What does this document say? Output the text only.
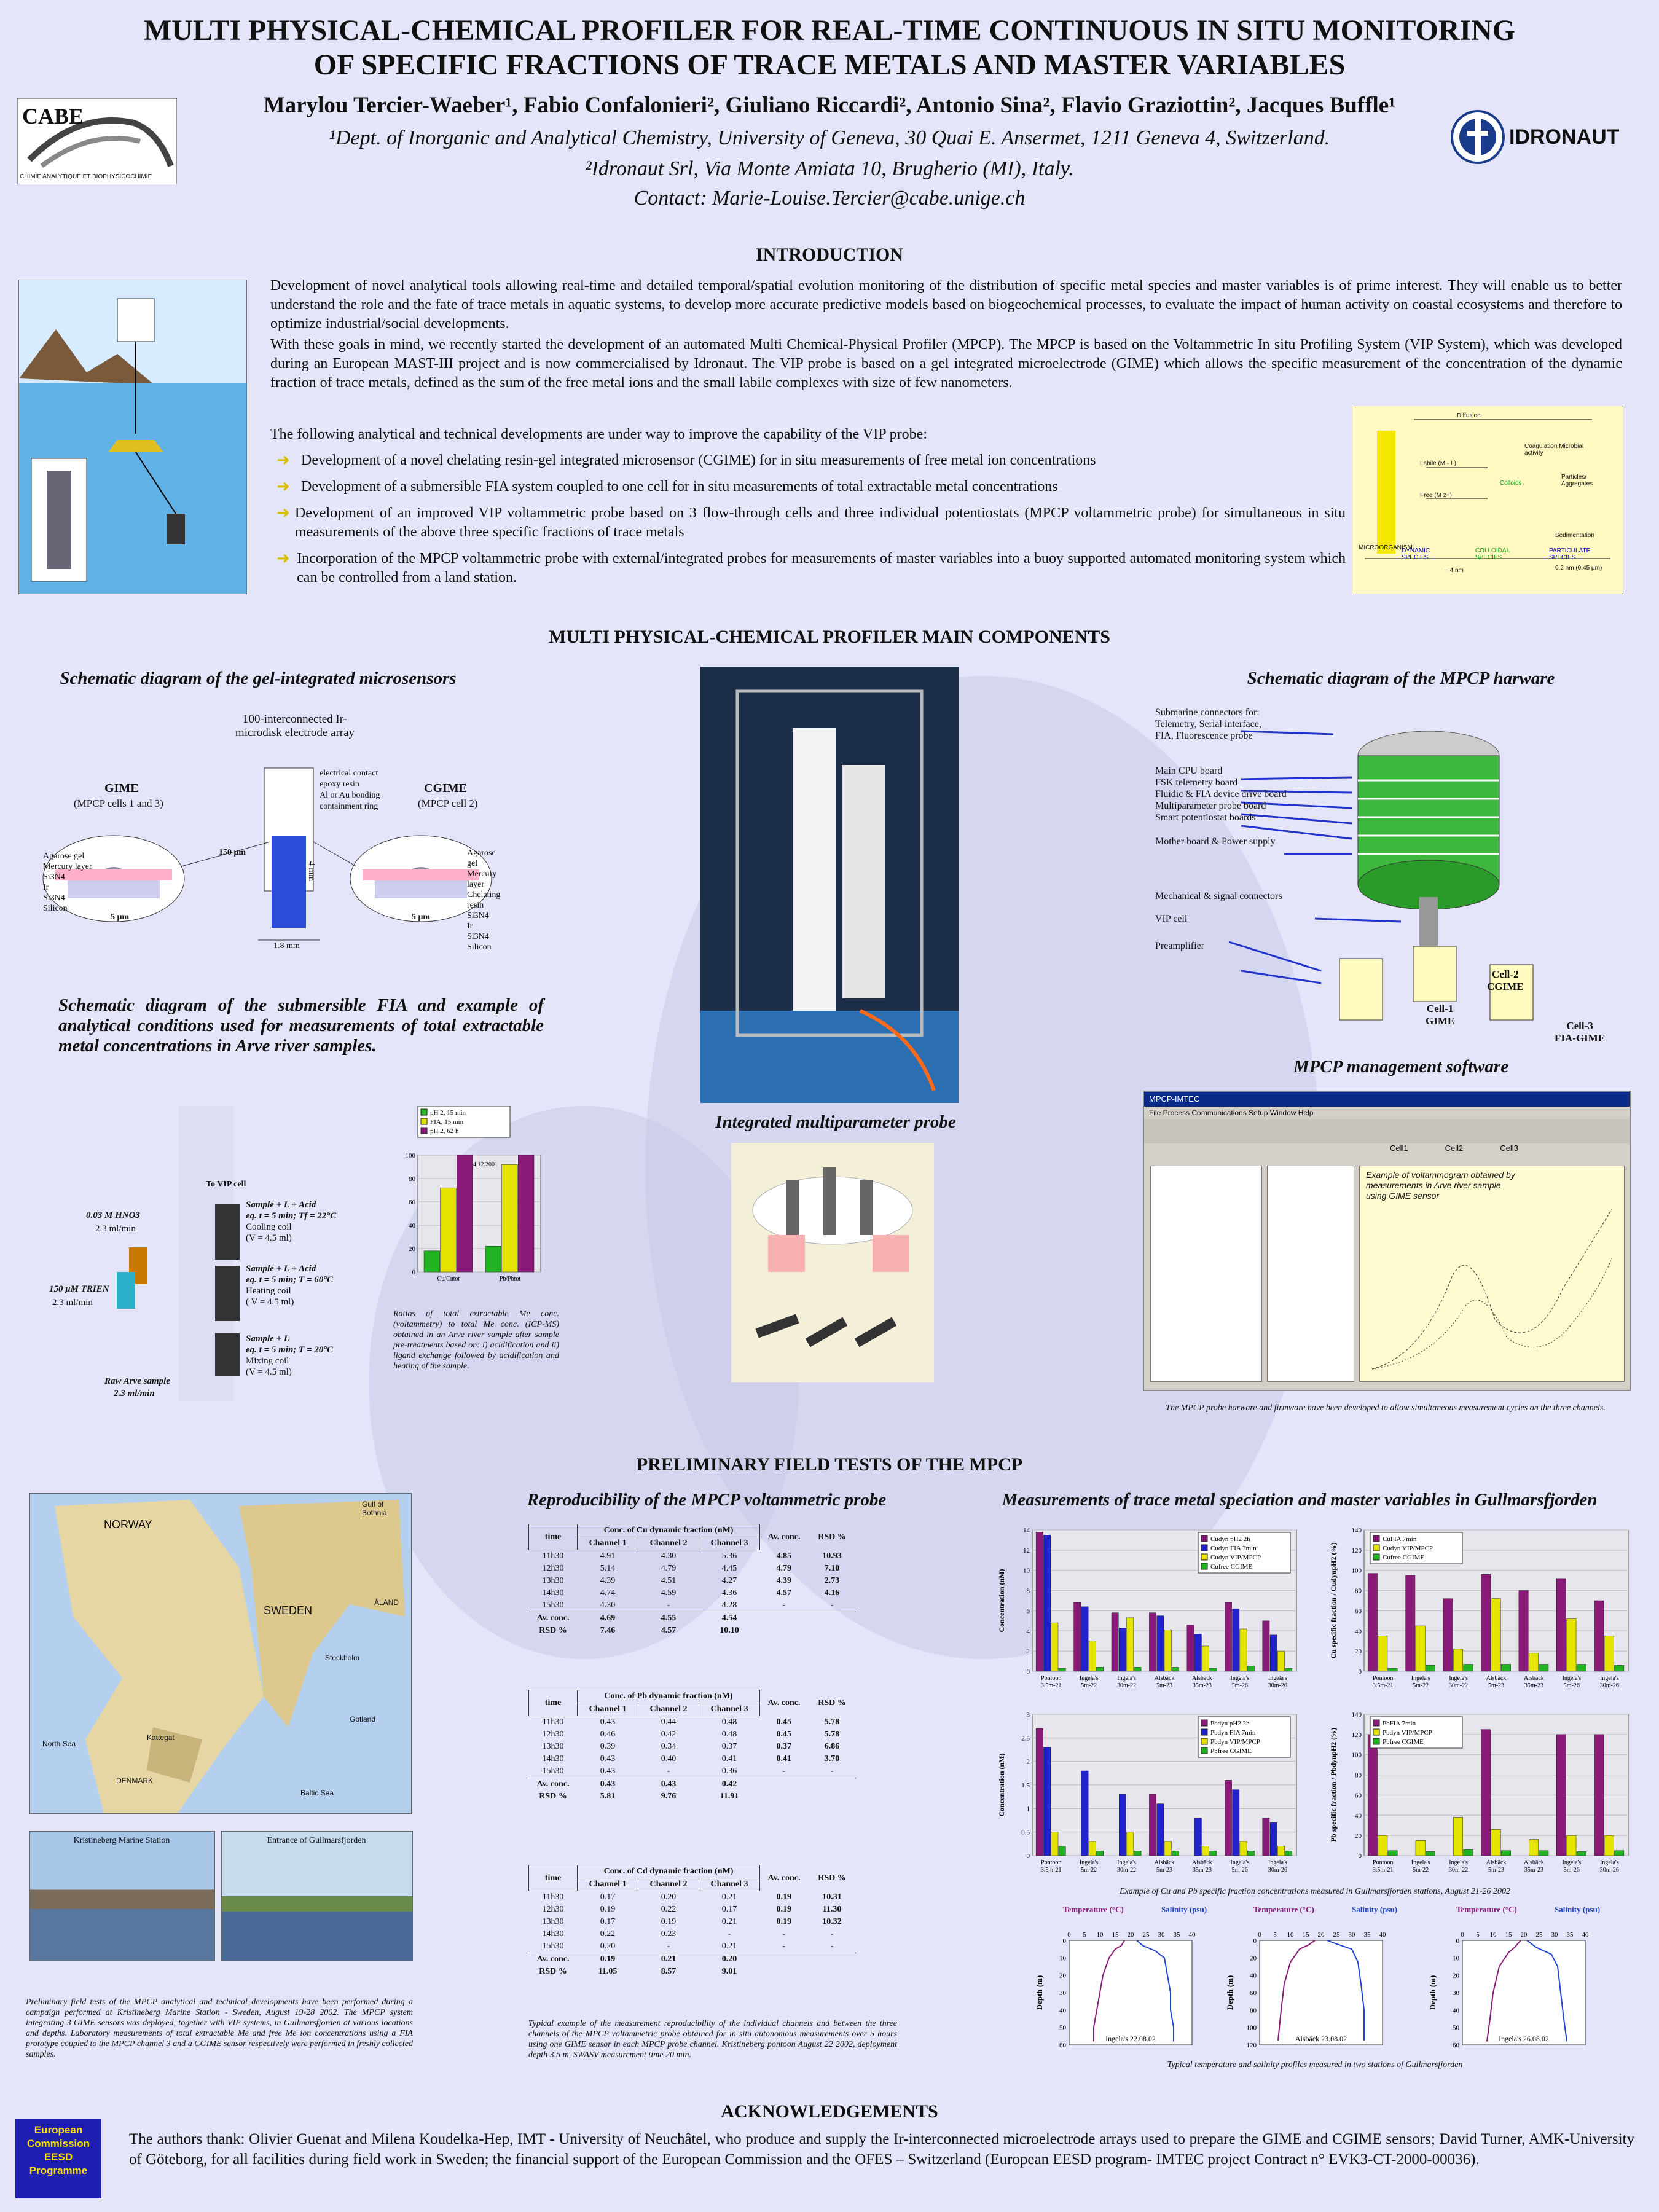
MULTI PHYSICAL-CHEMICAL PROFILER FOR REAL-TIME CONTINUOUS IN SITU MONITORING
OF SPECIFIC FRACTIONS OF TRACE METALS AND MASTER VARIABLES
CABE
CHIMIE ANALYTIQUE ET BIOPHYSICOCHIMIE
IDRONAUT
Marylou Tercier-Waeber¹, Fabio Confalonieri², Giuliano Riccardi², Antonio Sina², Flavio Graziottin², Jacques Buffle¹
¹Dept. of Inorganic and Analytical Chemistry, University of Geneva, 30 Quai E. Ansermet, 1211 Geneva 4, Switzerland.
²Idronaut Srl, Via Monte Amiata 10, Brugherio (MI), Italy.
Contact: Marie-Louise.Tercier@cabe.unige.ch
INTRODUCTION
Development of novel analytical tools allowing real-time and detailed temporal/spatial evolution monitoring of the distribution of specific metal species and master variables is of prime interest. They will enable us to better understand the role and the fate of trace metals in aquatic systems, to develop more accurate predictive models based on biogeochemical processes, to evaluate the impact of human activity on coastal ecosystems and therefore to optimize industrial/social developments.
With these goals in mind, we recently started the development of an automated Multi Chemical-Physical Profiler (MPCP). The MPCP is based on the Voltammetric In situ Profiling System (VIP System), which was developed during an European MAST-III project and is now commercialised by Idronaut. The VIP probe is based on a gel integrated microelectrode (GIME) which allows the specific measurement of the concentration of the dynamic fraction of trace metals, defined as the sum of the free metal ions and the small labile complexes with size of few nanometers.
The following analytical and technical developments are under way to improve the capability of the VIP probe:
➜ Development of a novel chelating resin-gel integrated microsensor (CGIME) for in situ measurements of free metal ion concentrations
➜ Development of a submersible FIA system coupled to one cell for in situ measurements of total extractable metal concentrations
➜ Development of an improved VIP voltammetric probe based on 3 flow-through cells and three individual potentiostats (MPCP voltammetric probe) for simultaneous in situ measurements of the above three specific fractions of trace metals
➜ Incorporation of the MPCP voltammetric probe with external/integrated probes for measurements of master variables into a buoy supported automated monitoring system which can be controlled from a land station.
Diffusion
Coagulation Microbial activity
Labile (M - L)
Colloids
Particles/ Aggregates
Free (M z+)
Sedimentation
MICROORGANISM
DYNAMIC SPECIES
COLLOIDAL SPECIES
PARTICULATE SPECIES
~ 4 nm	0.2 nm (0.45 μm)
MULTI PHYSICAL-CHEMICAL PROFILER MAIN COMPONENTS
Schematic diagram of the gel-integrated microsensors
100-interconnected Ir-microdisk electrode array
GIME
(MPCP cells 1 and 3)
CGIME
(MPCP cell 2)
150 μm
4 mm
1.8 mm
5 μm	5 μm
Agarose gel
Mercury layer
Si3N4
Ir
Si3N4
Silicon
Agarose gel
Mercury layer
Chelating resin
Si3N4
Ir
Si3N4
Silicon
electrical contact
epoxy resin
Al or Au bonding
containment ring
Schematic diagram of the submersible FIA and example of analytical conditions used for measurements of total extractable metal concentrations in Arve river samples.
To VIP cell
0.03 M HNO3
2.3 ml/min
150 μM TRIEN
2.3 ml/min
Raw Arve sample
2.3 ml/min
Sample + L + Acid
eq. t = 5 min; Tf = 22°C
Cooling coil
(V = 4.5 ml)
Sample + L + Acid
eq. t = 5 min; T = 60°C
Heating coil
( V = 4.5 ml)
Sample + L
eq. t = 5 min; T = 20°C
Mixing coil
(V = 4.5 ml)
pH 2, 15 min
FIA, 15 min
pH 2, 62 h
0
20
40
60
80
100
Cu/Cutot	Pb/Pbtot
4.12.2001
Ratios of total extractable Me conc. (voltammetry) to total Me conc. (ICP-MS) obtained in an Arve river sample after sample pre-treatments based on: i) acidification and ii) ligand exchange followed by acidification and heating of the sample.
Integrated multiparameter probe
Schematic diagram of the MPCP harware
Submarine connectors for:
Telemetry, Serial interface,
FIA, Fluorescence probe
Main CPU board
FSK telemetry board
Fluidic & FIA device drive board
Multiparameter probe board
Smart potentiostat boards
Mother board & Power supply
Mechanical & signal connectors
VIP cell
Preamplifier
Cell-1
GIME
Cell-2
CGIME
Cell-3
FIA-GIME
MPCP management software
MPCP-IMTEC
File Process Communications Setup Window Help
Cell1	Cell2	Cell3
Example of voltammogram obtained by measurements in Arve river sample using GIME sensor
The MPCP probe harware and firmware have been developed to allow simultaneous measurement cycles on the three channels.
PRELIMINARY FIELD TESTS OF THE MPCP
NORWAY
SWEDEN
Gulf of Bothnia
ÅLAND
Stockholm
Gotland
Kattegat
North Sea
DENMARK
Baltic Sea
Kristineberg Marine Station	Entrance of Gullmarsfjorden
Preliminary field tests of the MPCP analytical and technical developments have been performed during a campaign performed at Kristineberg Marine Station - Sweden, August 19-28 2002. The MPCP system integrating 3 GIME sensors was deployed, together with VIP systems, in Gullmarsfjorden at various locations and depths. Laboratory measurements of total extractable Me and free Me ion concentrations using a FIA prototype coupled to the MPCP channel 3 and a CGIME sensor respectively were performed in freshly collected samples.
Reproducibility of the MPCP voltammetric probe	Measurements of trace metal speciation and master variables in Gullmarsfjorden
time	Conc. of Cu dynamic fraction (nM)			Av. conc.	RSD %
	Channel 1	Channel 2	Channel 3		
11h30	4.91	4.30	5.36	4.85	10.93
12h30	5.14	4.79	4.45	4.79	7.10
13h30	4.39	4.51	4.27	4.39	2.73
14h30	4.74	4.59	4.36	4.57	4.16
15h30	4.30	-	4.28	-	-
Av. conc.	4.69	4.55	4.54		
RSD %	7.46	4.57	10.10		
time	Conc. of Pb dynamic fraction (nM)			Av. conc.	RSD %
	Channel 1	Channel 2	Channel 3		
11h30	0.43	0.44	0.48	0.45	5.78
12h30	0.46	0.42	0.48	0.45	5.78
13h30	0.39	0.34	0.37	0.37	6.86
14h30	0.43	0.40	0.41	0.41	3.70
15h30	0.43	-	0.36	-	-
Av. conc.	0.43	0.43	0.42		
RSD %	5.81	9.76	11.91		
time	Conc. of Cd dynamic fraction (nM)			Av. conc.	RSD %
	Channel 1	Channel 2	Channel 3		
11h30	0.17	0.20	0.21	0.19	10.31
12h30	0.19	0.22	0.17	0.19	11.30
13h30	0.17	0.19	0.21	0.19	10.32
14h30	0.22	0.23	-	-	-
15h30	0.20	-	0.21	-	-
Av. conc.	0.19	0.21	0.20		
RSD %	11.05	8.57	9.01		
Typical example of the measurement reproducibility of the individual channels and between the three channels of the MPCP voltammetric probe obtained for in situ autonomous measurements over 5 hours using one GIME sensor in each MPCP probe channel. Kristineberg pontoon August 22 2002, deployment depth 3.5 m, SWASV measurement time 20 min.
0
2
4
6
8
10
12
14
Pontoon
3.5m-21
Ingela's
5m-22
Ingela's
30m-22
Alsbäck
5m-23
Alsbäck
35m-23
Ingela's
5m-26
Ingela's
30m-26
Concentration (nM)
Cudyn pH2 2h
Cudyn FIA 7min
Cudyn VIP/MPCP
Cufree CGIME
0
20
40
60
80
100
120
140
Pontoon
3.5m-21
Ingela's
5m-22
Ingela's
30m-22
Alsbäck
5m-23
Alsbäck
35m-23
Ingela's
5m-26
Ingela's
30m-26
Cu specific fraction / CudynpH2 (%)
CuFIA 7min
Cudyn VIP/MPCP
Cufree CGIME
0
0.5
1
1.5
2
2.5
3
Pontoon
3.5m-21
Ingela's
5m-22
Ingela's
30m-22
Alsbäck
5m-23
Alsbäck
35m-23
Ingela's
5m-26
Ingela's
30m-26
Concentration (nM)
Pbdyn pH2 2h
Pbdyn FIA 7min
Pbdyn VIP/MPCP
Pbfree CGIME
0
20
40
60
80
100
120
140
Pontoon
3.5m-21
Ingela's
5m-22
Ingela's
30m-22
Alsbäck
5m-23
Alsbäck
35m-23
Ingela's
5m-26
Ingela's
30m-26
Pb specific fraction / PbdynpH2 (%)
PbFIA 7min
Pbdyn VIP/MPCP
Pbfree CGIME
Example of Cu and Pb specific fraction concentrations measured in Gullmarsfjorden stations, August 21-26 2002
Temperature (°C)	Salinity (psu)
0 5 10 15 20 25 30 35 40
0
10
20
30
40
50
60
Depth (m)
Ingela's 22.08.02
Temperature (°C)	Salinity (psu)
0 5 10 15 20 25 30 35 40
0
20
40
60
80
100
120
Depth (m)
Alsbäck 23.08.02
Temperature (°C)	Salinity (psu)
0 5 10 15 20 25 30 35 40
0
10
20
30
40
50
60
Depth (m)
Ingela's 26.08.02
Typical temperature and salinity profiles measured in two stations of Gullmarsfjorden
ACKNOWLEDGEMENTS
European
Commission
EESD
Programme
The authors thank: Olivier Guenat and Milena Koudelka-Hep, IMT - University of Neuchâtel, who produce and supply the Ir-interconnected microelectrode arrays used to prepare the GIME and CGIME sensors; David Turner, AMK-University of Göteborg, for all facilities during field work in Sweden; the financial support of the European Commission and the OFES – Switzerland (European EESD program- IMTEC project Contract n° EVK3-CT-2000-00036).
